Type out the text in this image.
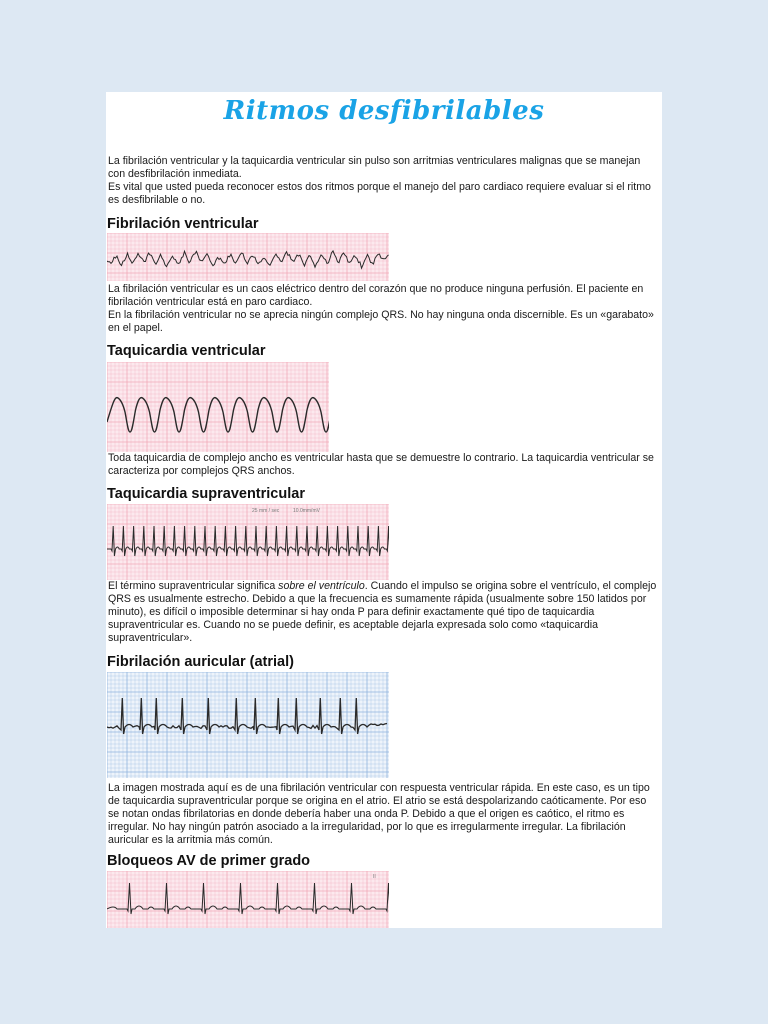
Ritmos desfibrilables

La fibrilación ventricular y la taquicardia ventricular sin pulso son arritmias ventriculares malignas que se manejan con desfibrilación inmediata.

Es vital que usted pueda reconocer estos dos ritmos porque el manejo del paro cardiaco requiere evaluar si el ritmo es desfibrilable o no.

Fibrilación ventricular

La fibrilación ventricular es un caos eléctrico dentro del corazón que no produce ninguna perfusión. El paciente en fibrilación ventricular está en paro cardiaco.

En la fibrilación ventricular no se aprecia ningún complejo QRS. No hay ninguna onda discernible. Es un «garabato» en el papel.

Taquicardia ventricular

Toda taquicardia de complejo ancho es ventricular hasta que se demuestre lo contrario. La taquicardia ventricular se caracteriza por complejos QRS anchos.

Taquicardia supraventricular
25 mm / sec	10.0mm/mV

El término supraventricular significa sobre el ventrículo. Cuando el impulso se origina sobre el ventrículo, el complejo QRS es usualmente estrecho. Debido a que la frecuencia es sumamente rápida (usualmente sobre 150 latidos por minuto), es difícil o imposible determinar si hay onda P para definir exactamente qué tipo de taquicardia supraventricular es. Cuando no se puede definir, es aceptable dejarla expresada solo como «taquicardia supraventricular».

Fibrilación auricular (atrial)

La imagen mostrada aquí es de una fibrilación ventricular con respuesta ventricular rápida. En este caso, es un tipo de taquicardia supraventricular porque se origina en el atrio. El atrio se está despolarizando caóticamente. Por eso se notan ondas fibrilatorias en donde debería haber una onda P. Debido a que el origen es caótico, el ritmo es irregular. No hay ningún patrón asociado a la irregularidad, por lo que es irregularmente irregular. La fibrilación auricular es la arritmia más común.

Bloqueos AV de primer grado
II
